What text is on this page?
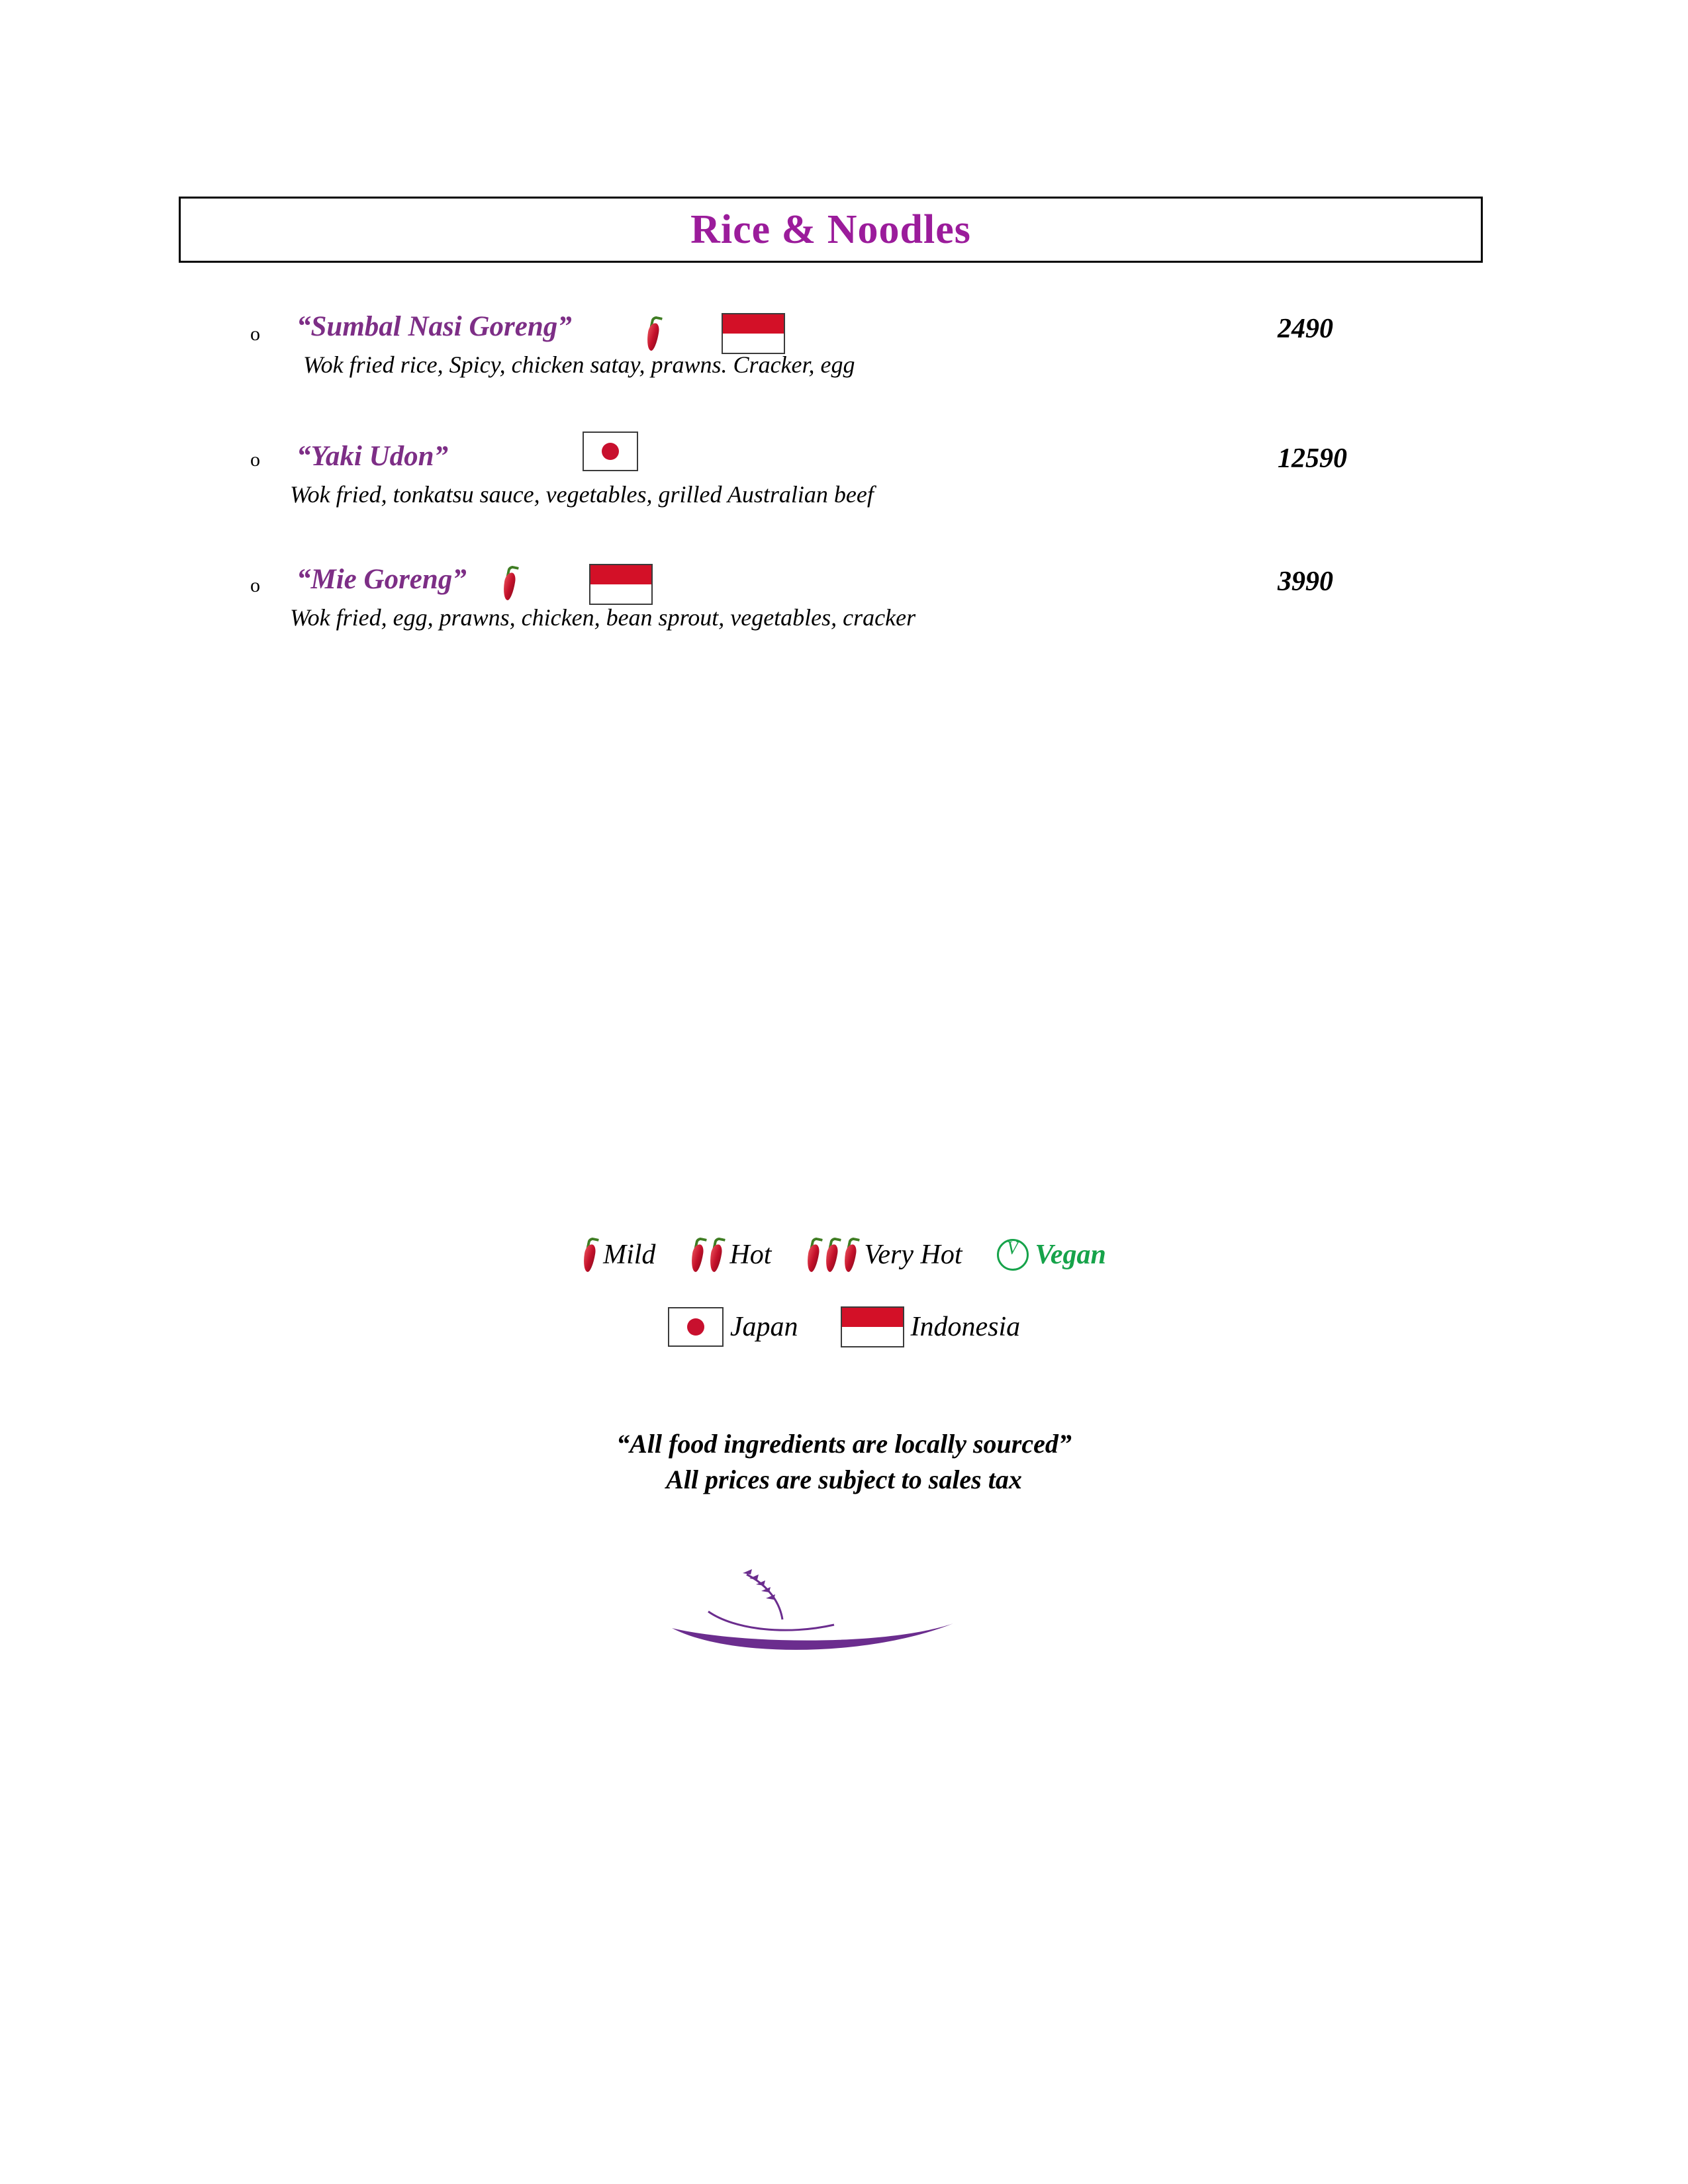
Rice & Noodles
o “Sumbal Nasi Goreng”
Wok fried rice, Spicy, chicken satay, prawns. Cracker, egg
2490
o “Yaki Udon”
Wok fried, tonkatsu sauce, vegetables, grilled Australian beef
12590
o “Mie Goreng”
Wok fried, egg, prawns, chicken, bean sprout, vegetables, cracker
3990
Mild	Hot	Very Hot	V Vegan
Japan	Indonesia
“All food ingredients are locally sourced”
All prices are subject to sales tax
